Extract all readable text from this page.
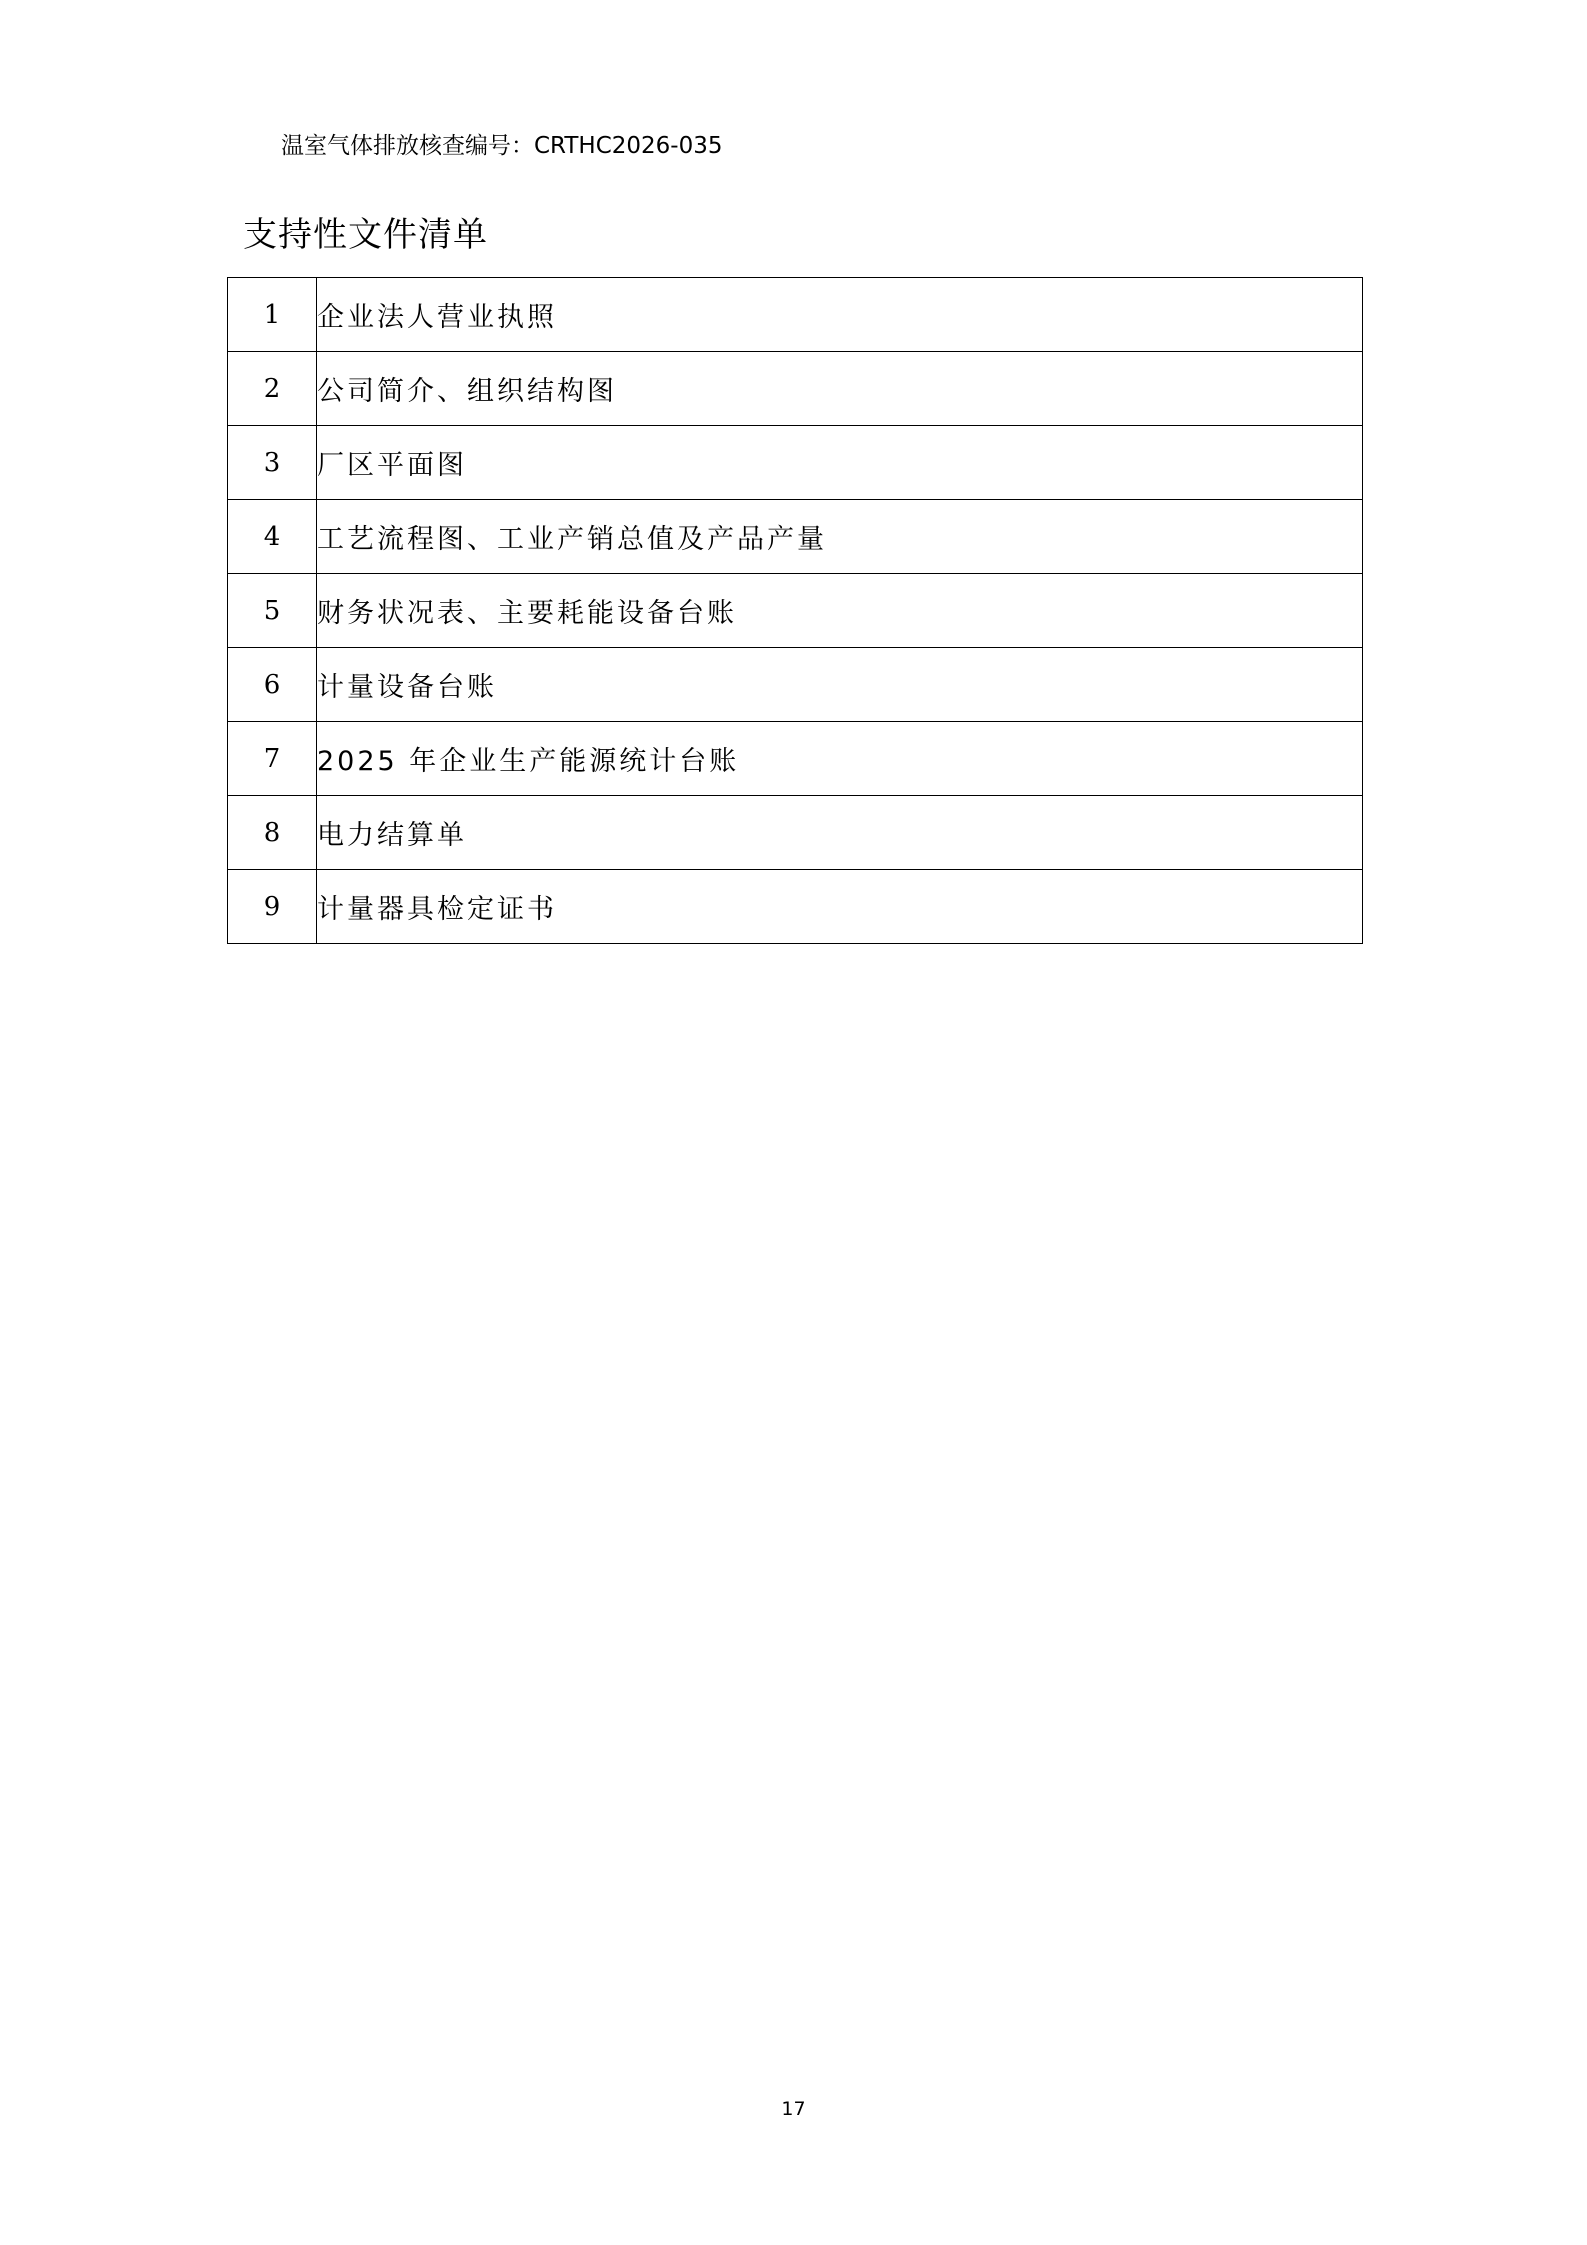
温室气体排放核查编号：CRTHC2026-035
支持性文件清单
1	企业法人营业执照
2	公司简介、组织结构图
3	厂区平面图
4	工艺流程图、工业产销总值及产品产量
5	财务状况表、主要耗能设备台账
6	计量设备台账
7	2025 年企业生产能源统计台账
8	电力结算单
9	计量器具检定证书
17
